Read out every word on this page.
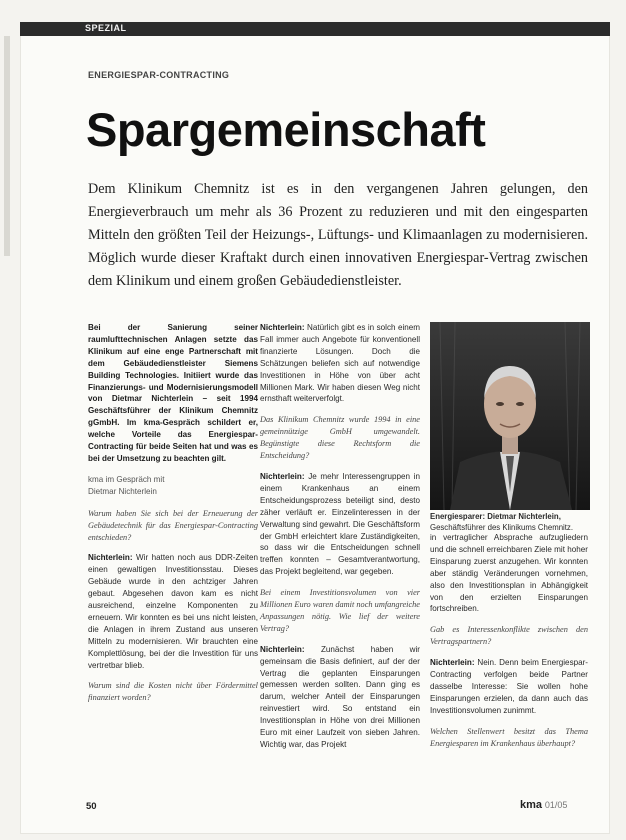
SPEZIAL
ENERGIESPAR-CONTRACTING
Spargemeinschaft
Dem Klinikum Chemnitz ist es in den vergangenen Jahren gelungen, den Energieverbrauch um mehr als 36 Prozent zu reduzieren und mit den eingesparten Mitteln den größten Teil der Heizungs-, Lüftungs- und Klimaanlagen zu modernisieren. Möglich wurde dieser Kraftakt durch einen innovativen Energiespar-Vertrag zwischen dem Klinikum und einem großen Gebäudedienstleister.

Bei der Sanierung seiner raumlufttechnischen Anlagen setzte das Klinikum auf eine enge Partnerschaft mit dem Gebäudedienstleister Siemens Building Technologies. Initiiert wurde das Finanzierungs- und Modernisierungsmodell von Dietmar Nichterlein – seit 1994 Geschäftsführer der Klinikum Chemnitz gGmbH. Im kma-Gespräch schildert er, welche Vorteile das Energiespar-Contracting für beide Seiten hat und was es bei der Umsetzung zu beachten gilt.

kma im Gespräch mit
Dietmar Nichterlein

Warum haben Sie sich bei der Erneuerung der Gebäudetechnik für das Energiespar-Contracting entschieden?

Nichterlein: Wir hatten noch aus DDR-Zeiten einen gewaltigen Investitionsstau. Dieses Gebäude wurde in den achtziger Jahren gebaut. Abgesehen davon kam es nicht ausreichend, einzelne Komponenten zu erneuern. Wir konnten es bei uns nicht leisten, die Anlagen in ihrem Zustand aus unseren Mitteln zu modernisieren. Wir brauchten eine Komplettlösung, bei der die Investition für uns vertretbar blieb.

Warum sind die Kosten nicht über Fördermittel finanziert worden?

Nichterlein: Natürlich gibt es in solch einem Fall immer auch Angebote für konventionell finanzierte Lösungen. Doch die Schätzungen beliefen sich auf notwendige Investitionen in Höhe von über acht Millionen Mark. Wir haben diesen Weg nicht ernsthaft weiterverfolgt.

Das Klinikum Chemnitz wurde 1994 in eine gemeinnützige GmbH umgewandelt. Begünstigte diese Rechtsform die Entscheidung?

Nichterlein: Je mehr Interessengruppen in einem Krankenhaus an einem Entscheidungsprozess beteiligt sind, desto zäher verläuft er. Einzelinteressen in der Verwaltung sind gewahrt. Die Geschäftsform der GmbH erleichtert klare Zuständigkeiten, so dass wir die Entscheidungen schnell treffen konnten – Gesamtverantwortung, das Projekt begleitend, war gegeben.

Bei einem Investitionsvolumen von vier Millionen Euro waren damit noch umfangreiche Anpassungen nötig. Wie lief der weitere Vertrag?

Nichterlein: Zunächst haben wir gemeinsam die Basis definiert, auf der der Vertrag die geplanten Einsparungen gemessen werden sollten. Dann ging es darum, welcher Anteil der Einsparungen reinvestiert wird. So entstand ein Investitionsplan in Höhe von drei Millionen Euro mit einer Laufzeit von sieben Jahren. Wichtig war, das Projekt

Energiesparer: Dietmar Nichterlein, Geschäftsführer des Klinikums Chemnitz.

in vertraglicher Absprache aufzugliedern und die schnell erreichbaren Ziele mit hoher Einsparung zuerst anzugehen. Wir konnten aber ständig Veränderungen vornehmen, also den Investitionsplan in Abhängigkeit von den erzielten Einsparungen fortschreiben.

Gab es Interessenkonflikte zwischen den Vertragspartnern?

Nichterlein: Nein. Denn beim Energiespar-Contracting verfolgen beide Partner dasselbe Interesse: Sie wollen hohe Einsparungen erzielen, da dann auch das Investitionsvolumen zunimmt.

Welchen Stellenwert besitzt das Thema Energiesparen im Krankenhaus überhaupt?

50	kma 01/05
